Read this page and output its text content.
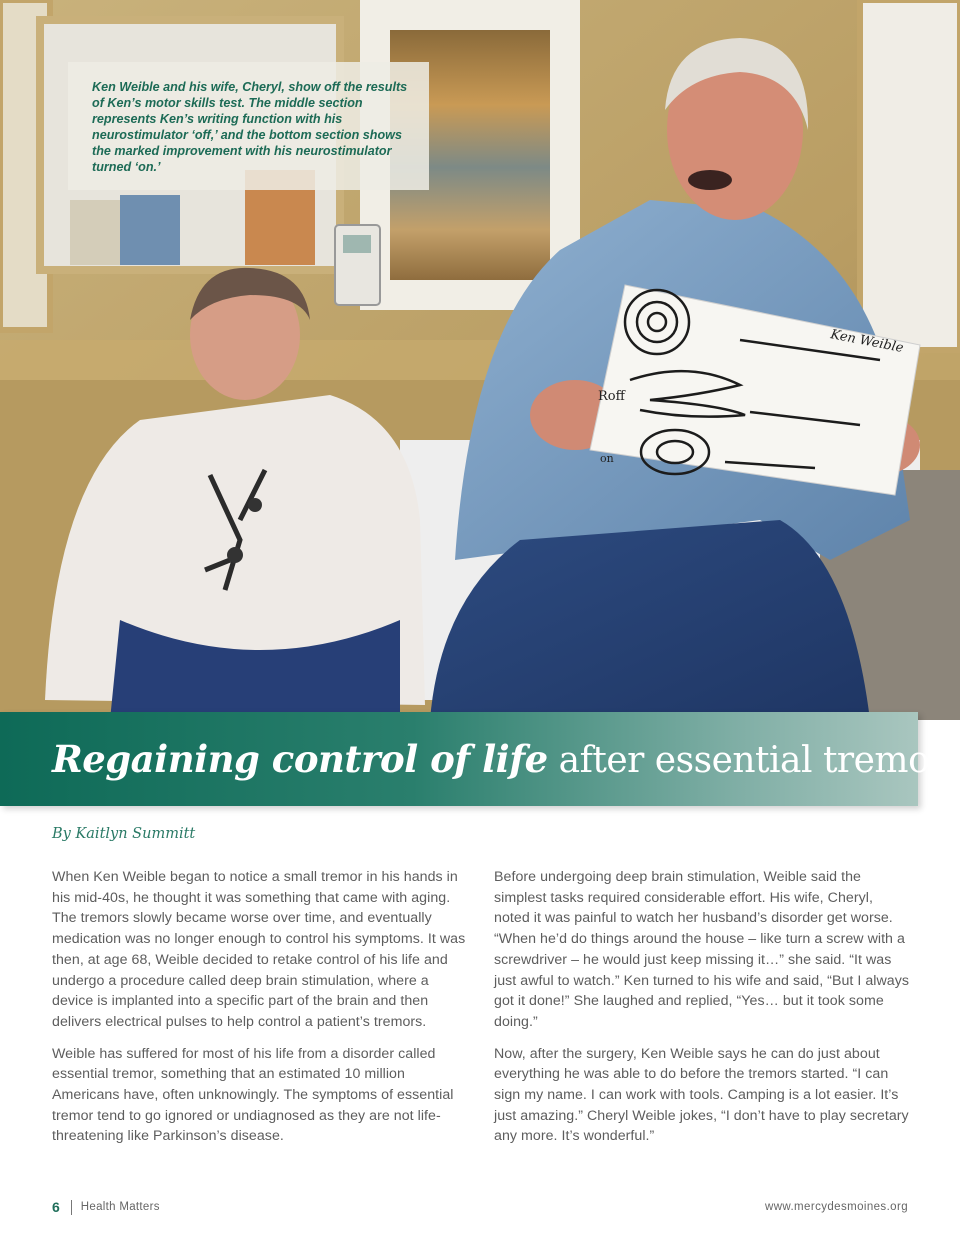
Ken Weible
Roff
on

Ken Weible and his wife, Cheryl, show off the results of Ken’s motor skills test. The middle section represents Ken’s writing function with his neurostimulator ‘off,’ and the bottom section shows the marked improvement with his neurostimulator turned ‘on.’

Regaining control of life after essential tremor
By Kaitlyn Summitt

When Ken Weible began to notice a small tremor in his hands in his mid-40s, he thought it was something that came with aging. The tremors slowly became worse over time, and eventually medication was no longer enough to control his symptoms. It was then, at age 68, Weible decided to retake control of his life and undergo a procedure called deep brain stimulation, where a device is implanted into a specific part of the brain and then delivers electrical pulses to help control a patient’s tremors.

Weible has suffered for most of his life from a disorder called essential tremor, something that an estimated 10 million Americans have, often unknowingly. The symptoms of essential tremor tend to go ignored or undiagnosed as they are not life-threatening like Parkinson’s disease.

Before undergoing deep brain stimulation, Weible said the simplest tasks required considerable effort. His wife, Cheryl, noted it was painful to watch her husband’s disorder get worse. “When he’d do things around the house – like turn a screw with a screwdriver – he would just keep missing it…” she said. “It was just awful to watch.” Ken turned to his wife and said, “But I always got it done!” She laughed and replied, “Yes… but it took some doing.”

Now, after the surgery, Ken Weible says he can do just about everything he was able to do before the tremors started. “I can sign my name. I can work with tools. Camping is a lot easier. It’s just amazing.” Cheryl Weible jokes, “I don’t have to play secretary any more. It’s wonderful.”

6 Health Matters	www.mercydesmoines.org
